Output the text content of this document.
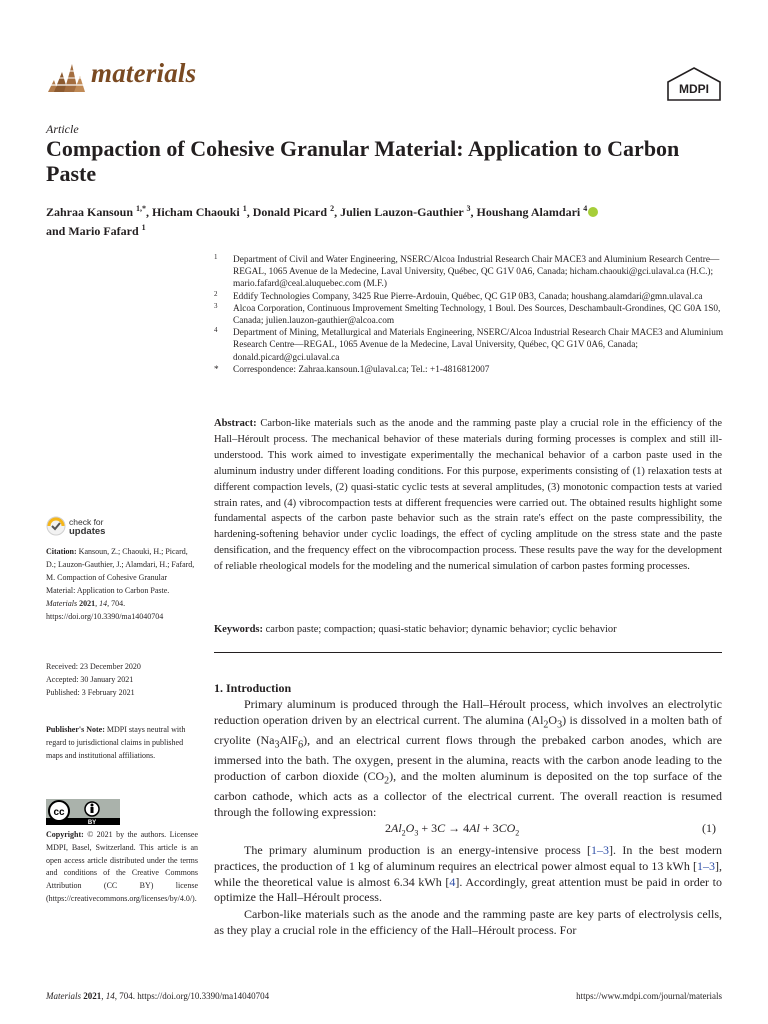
materials
MDPI
Article
Compaction of Cohesive Granular Material: Application to Carbon Paste
Zahraa Kansoun $^{1,*}$, Hicham Chaouki $^1$, Donald Picard $^2$, Julien Lauzon-Gauthier $^3$, Houshang Alamdari $^4$
and Mario Fafard $^1$
1 Department of Civil and Water Engineering, NSERC/Alcoa Industrial Research Chair MACE3 and Aluminium Research Centre—REGAL, 1065 Avenue de la Medecine, Laval University, Québec, QC G1V 0A6, Canada; hicham.chaouki@gci.ulaval.ca (H.C.); mario.fafard@ceal.aluquebec.com (M.F.)
2 Eddify Technologies Company, 3425 Rue Pierre-Ardouin, Québec, QC G1P 0B3, Canada; houshang.alamdari@gmn.ulaval.ca
3 Alcoa Corporation, Continuous Improvement Smelting Technology, 1 Boul. Des Sources, Deschambault-Grondines, QC G0A 1S0, Canada; julien.lauzon-gauthier@alcoa.com
4 Department of Mining, Metallurgical and Materials Engineering, NSERC/Alcoa Industrial Research Chair MACE3 and Aluminium Research Centre—REGAL, 1065 Avenue de la Medecine, Laval University, Québec, QC G1V 0A6, Canada; donald.picard@gci.ulaval.ca
* Correspondence: Zahraa.kansoun.1@ulaval.ca; Tel.: +1-4816812007
Abstract: Carbon-like materials such as the anode and the ramming paste play a crucial role in the efficiency of the Hall–Héroult process. The mechanical behavior of these materials during forming processes is complex and still ill-understood. This work aimed to investigate experimentally the mechanical behavior of a carbon paste used in the aluminum industry under different loading conditions. For this purpose, experiments consisting of (1) relaxation tests at different compaction levels, (2) quasi-static cyclic tests at several amplitudes, (3) monotonic compaction tests at varied strain rates, and (4) vibrocompaction tests at different frequencies were carried out. The obtained results highlight some fundamental aspects of the carbon paste behavior such as the strain rate's effect on the paste compressibility, the hardening-softening behavior under cyclic loadings, the effect of cycling amplitude on the stress state and the paste densification, and the frequency effect on the vibrocompaction process. These results pave the way for the development of reliable rheological models for the modeling and the numerical simulation of carbon pastes forming processes.
Keywords: carbon paste; compaction; quasi-static behavior; dynamic behavior; cyclic behavior
check for
updates
Citation: Kansoun, Z.; Chaouki, H.; Picard, D.; Lauzon-Gauthier, J.; Alamdari, H.; Fafard, M. Compaction of Cohesive Granular Material: Application to Carbon Paste. Materials 2021, 14, 704. https://doi.org/10.3390/ma14040704
Received: 23 December 2020
Accepted: 30 January 2021
Published: 3 February 2021
Publisher's Note: MDPI stays neutral with regard to jurisdictional claims in published maps and institutional affiliations.
cc
BY
Copyright: © 2021 by the authors. Licensee MDPI, Basel, Switzerland. This article is an open access article distributed under the terms and conditions of the Creative Commons Attribution (CC BY) license (https://creativecommons.org/licenses/by/4.0/).
1. Introduction
Primary aluminum is produced through the Hall–Héroult process, which involves an electrolytic reduction operation driven by an electrical current. The alumina $(Al_2O_3)$ is dissolved in a molten bath of cryolite $(Na_3AlF_6)$, and an electrical current flows through the prebaked carbon anodes, which are immersed into the bath. The oxygen, present in the alumina, reacts with the carbon anode leading to the production of carbon dioxide $(CO_2)$, and the molten aluminum is deposited on the top surface of the carbon cathode, which acts as a collector of the electrical current. The overall reaction is resumed through the following expression:
$2Al_2O_3 + 3C \to 4Al + 3CO_2$	(1)
The primary aluminum production is an energy-intensive process [1–3]. In the best modern practices, the production of 1 kg of aluminum requires an electrical power almost equal to 13 kWh [1–3], while the theoretical value is almost 6.34 kWh [4]. Accordingly, great attention must be paid in order to optimize the Hall–Héroult process.
Carbon-like materials such as the anode and the ramming paste are key parts of electrolysis cells, as they play a crucial role in the efficiency of the Hall–Héroult process. For
Materials 2021, 14, 704. https://doi.org/10.3390/ma14040704	https://www.mdpi.com/journal/materials
